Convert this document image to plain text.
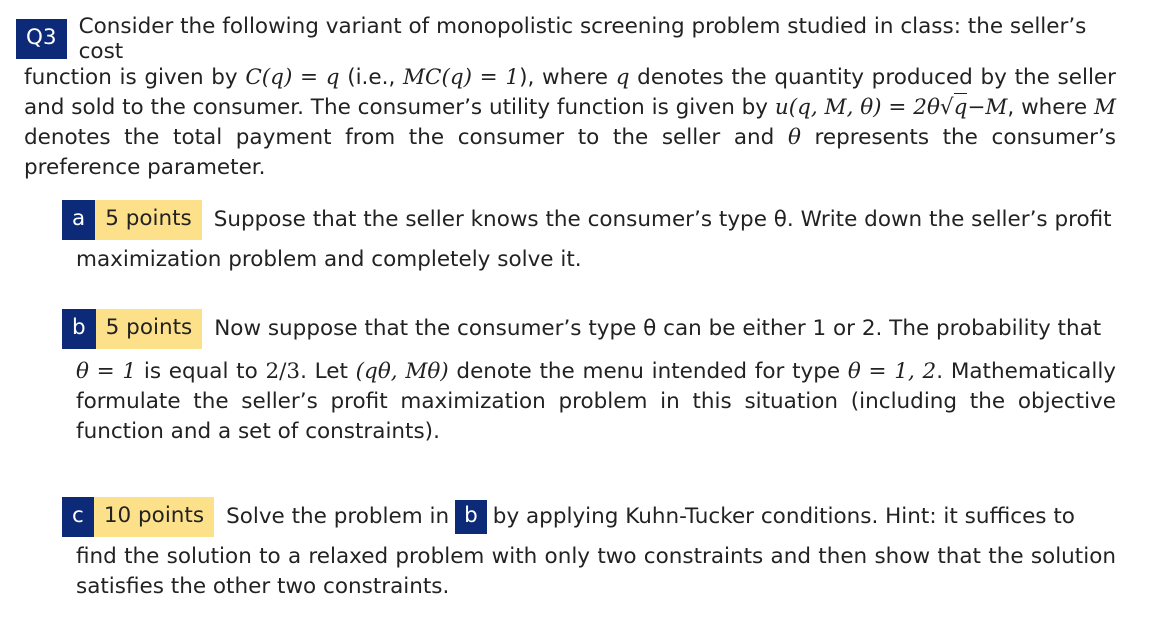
Q3	Consider the following variant of monopolistic screening problem studied in class: the seller’s cost
function is given by C(q) = q (i.e., MC(q) = 1), where q denotes the quantity produced by the seller and sold to the consumer. The consumer’s utility function is given by u(q, M, θ) = 2θ√q−M, where M denotes the total payment from the consumer to the seller and θ represents the consumer’s preference parameter.
a 5 points	Suppose that the seller knows the consumer’s type θ. Write down the seller’s profit
maximization problem and completely solve it.
b 5 points	Now suppose that the consumer’s type θ can be either 1 or 2. The probability that
θ = 1 is equal to 2/3. Let (qθ, Mθ) denote the menu intended for type θ = 1, 2. Mathematically formulate the seller’s profit maximization problem in this situation (including the objective function and a set of constraints).
c 10 points	Solve the problem in b by applying Kuhn-Tucker conditions. Hint: it suffices to
find the solution to a relaxed problem with only two constraints and then show that the solution satisfies the other two constraints.
